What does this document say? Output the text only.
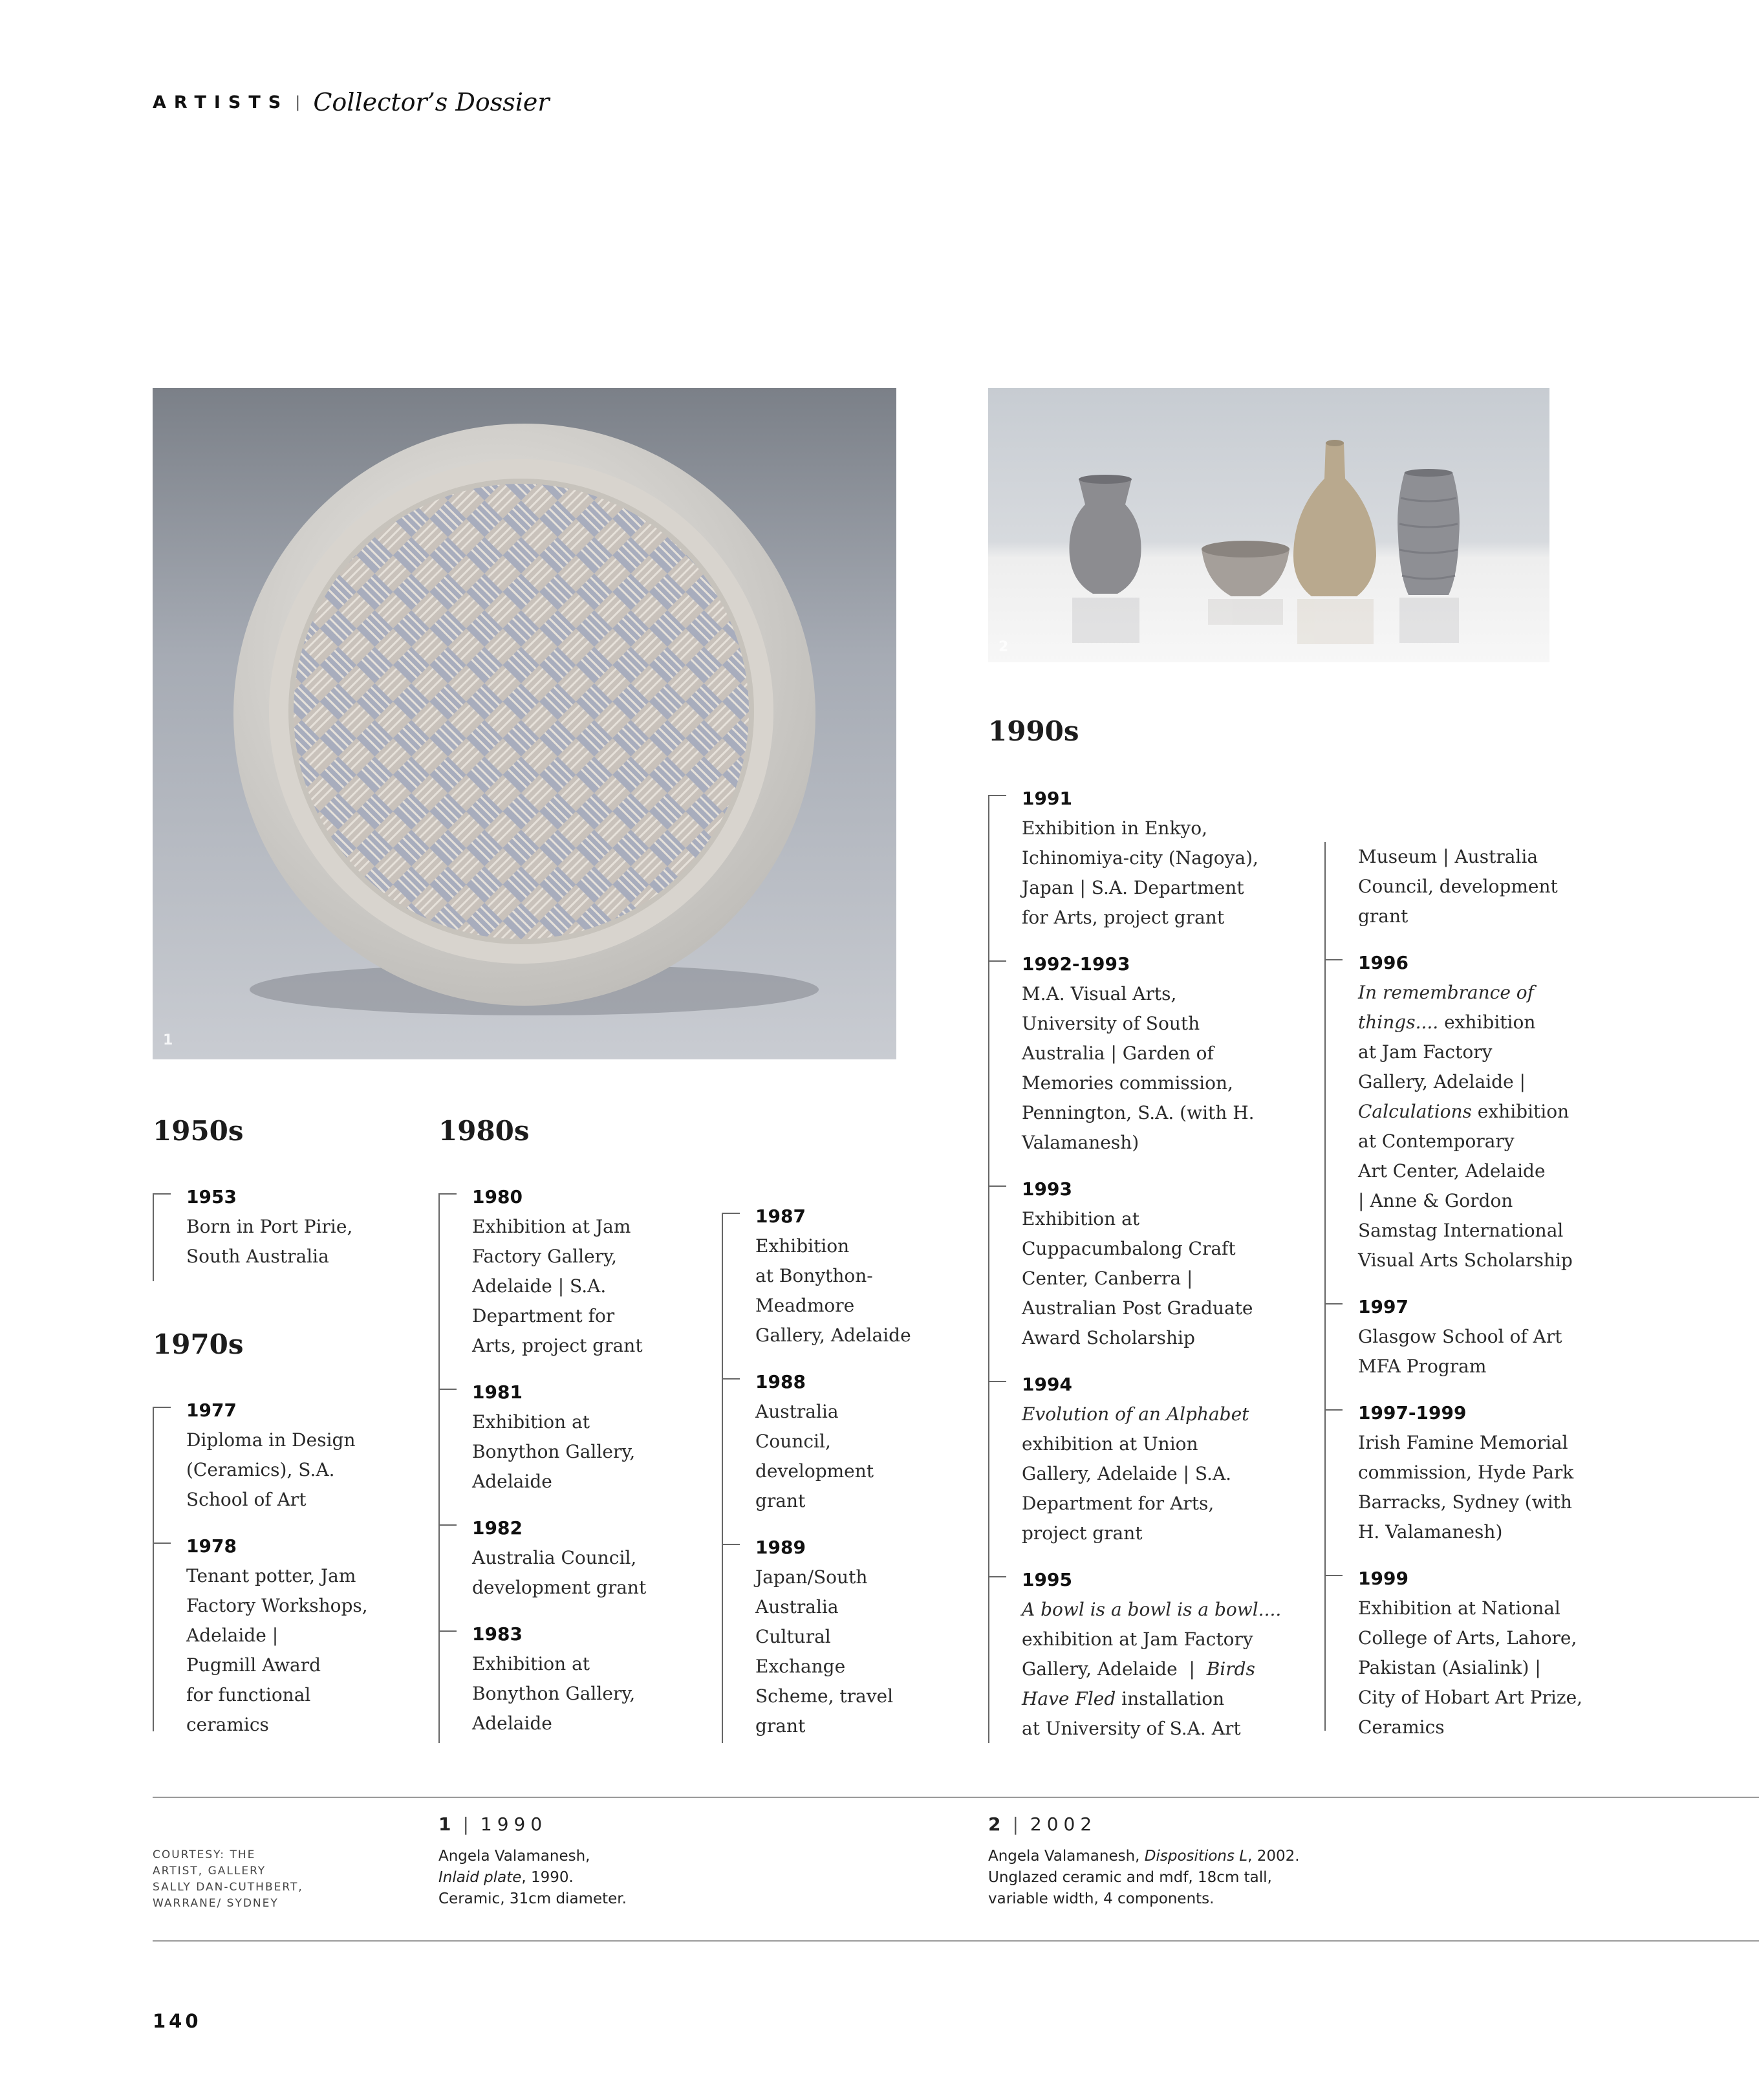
ARTISTS | Collector’s Dossier
1
2
1950s
1970s
1980s
1990s
1953
Born in Port Pirie,
South Australia
1977
Diploma in Design
(Ceramics), S.A.
School of Art
1978
Tenant potter, Jam
Factory Workshops,
Adelaide |
Pugmill Award
for functional
ceramics
1980
Exhibition at Jam
Factory Gallery,
Adelaide | S.A.
Department for
Arts, project grant
1981
Exhibition at
Bonython Gallery,
Adelaide
1982
Australia Council,
development grant
1983
Exhibition at
Bonython Gallery,
Adelaide
1987
Exhibition
at Bonython-
Meadmore
Gallery, Adelaide
1988
Australia
Council,
development
grant
1989
Japan/South
Australia
Cultural
Exchange
Scheme, travel
grant
1991
Exhibition in Enkyo,
Ichinomiya-city (Nagoya),
Japan | S.A. Department
for Arts, project grant
1992-1993
M.A. Visual Arts,
University of South
Australia | Garden of
Memories commission,
Pennington, S.A. (with H.
Valamanesh)
1993
Exhibition at
Cuppacumbalong Craft
Center, Canberra |
Australian Post Graduate
Award Scholarship
1994
Evolution of an Alphabet
exhibition at Union
Gallery, Adelaide | S.A.
Department for Arts,
project grant
1995
A bowl is a bowl is a bowl....
exhibition at Jam Factory
Gallery, Adelaide  |  Birds
Have Fled installation
at University of S.A. Art
Museum | Australia
Council, development
grant
1996
In remembrance of
things.... exhibition
at Jam Factory
Gallery, Adelaide |
Calculations exhibition
at Contemporary
Art Center, Adelaide
| Anne & Gordon
Samstag International
Visual Arts Scholarship
1997
Glasgow School of Art
MFA Program
1997-1999
Irish Famine Memorial
commission, Hyde Park
Barracks, Sydney (with
H. Valamanesh)
1999
Exhibition at National
College of Arts, Lahore,
Pakistan (Asialink) |
City of Hobart Art Prize,
Ceramics
COURTESY: THE
ARTIST, GALLERY
SALLY DAN-CUTHBERT,
WARRANE/ SYDNEY
1 | 1990
Angela Valamanesh,
Inlaid plate, 1990.
Ceramic, 31cm diameter.
2 | 2002
Angela Valamanesh, Dispositions L, 2002.
Unglazed ceramic and mdf, 18cm tall,
variable width, 4 components.
140
